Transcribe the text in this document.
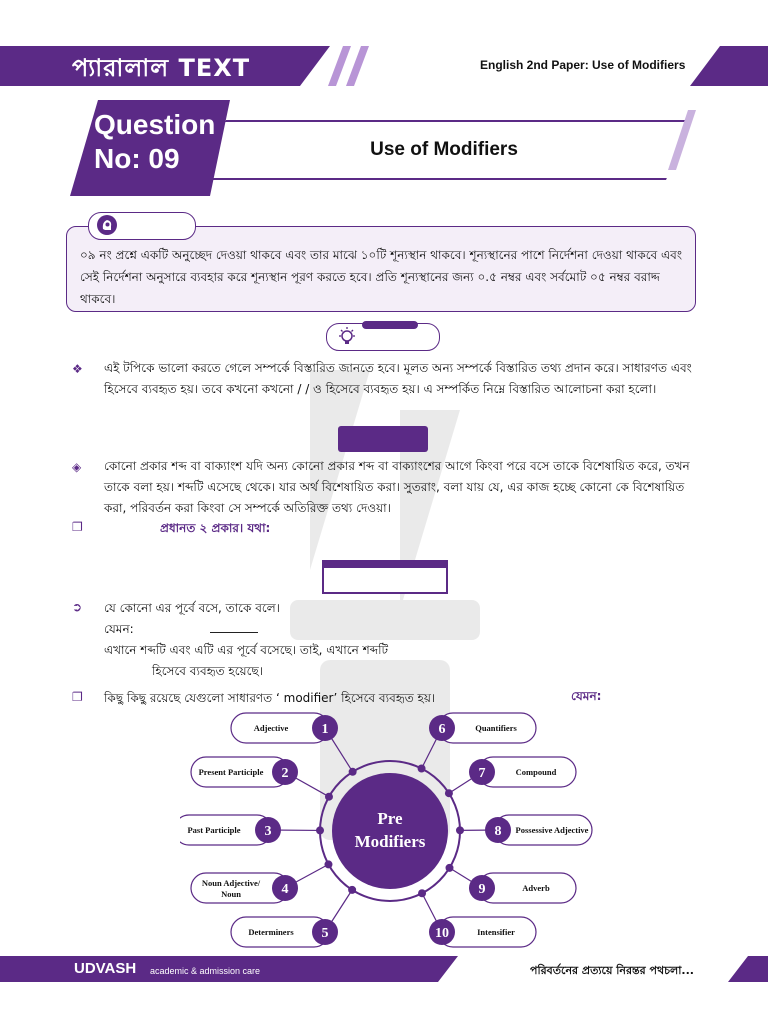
প্যারালাল TEXT	English 2nd Paper: Use of Modifiers
Question
No: 09	Use of Modifiers
০৯ নং প্রশ্নে একটি অনুচ্ছেদ দেওয়া থাকবে এবং তার মাঝে ১০টি শূন্যস্থান থাকবে। শূন্যস্থানের পাশে নির্দেশনা দেওয়া থাকবে এবং সেই নির্দেশনা অনুসারে ব্যবহার করে শূন্যস্থান পূরণ করতে হবে। প্রতি শূন্যস্থানের জন্য ০.৫ নম্বর এবং সর্বমোট ০৫ নম্বর বরাদ্দ থাকবে।
❖ এই টপিকে ভালো করতে গেলে সম্পর্কে বিস্তারিত জানতে হবে। মূলত অন্য সম্পর্কে বিস্তারিত তথ্য প্রদান করে। সাধারণত এবং হিসেবে ব্যবহৃত হয়। তবে কখনো কখনো / / ও হিসেবে ব্যবহৃত হয়। এ সম্পর্কিত নিম্নে বিস্তারিত আলোচনা করা হলো।
◈ কোনো প্রকার শব্দ বা বাক্যাংশ যদি অন্য কোনো প্রকার শব্দ বা বাক্যাংশের আগে কিংবা পরে বসে তাকে বিশেষায়িত করে, তখন তাকে বলা হয়। শব্দটি এসেছে থেকে। যার অর্থ বিশেষায়িত করা। সুতরাং, বলা যায় যে, এর কাজ হচ্ছে কোনো কে বিশেষায়িত করা, পরিবর্তন করা কিংবা সে সম্পর্কে অতিরিক্ত তথ্য দেওয়া।
❐	প্রধানত ২ প্রকার। যথা:
➲ যে কোনো এর পূর্বে বসে, তাকে বলে।
যেমন:
এখানে শব্দটি এবং এটি এর পূর্বে বসেছে। তাই, এখানে শব্দটি
হিসেবে ব্যবহৃত হয়েছে।
❐ কিছু কিছু রয়েছে যেগুলো সাধারণত ‘ modifier’ হিসেবে ব্যবহৃত হয়।	যেমন:
Pre
Modifiers
Adjective 1
Present Participle 2
Past Participle 3
Noun Adjective/
Noun	4
Determiners 5
Quantifiers
6
Compound
7
Possessive Adjective
8
Adverb
9
Intensifier
10
UDVASH academic & admission care	পরিবর্তনের প্রত্যয়ে নিরন্তর পথচলা...
